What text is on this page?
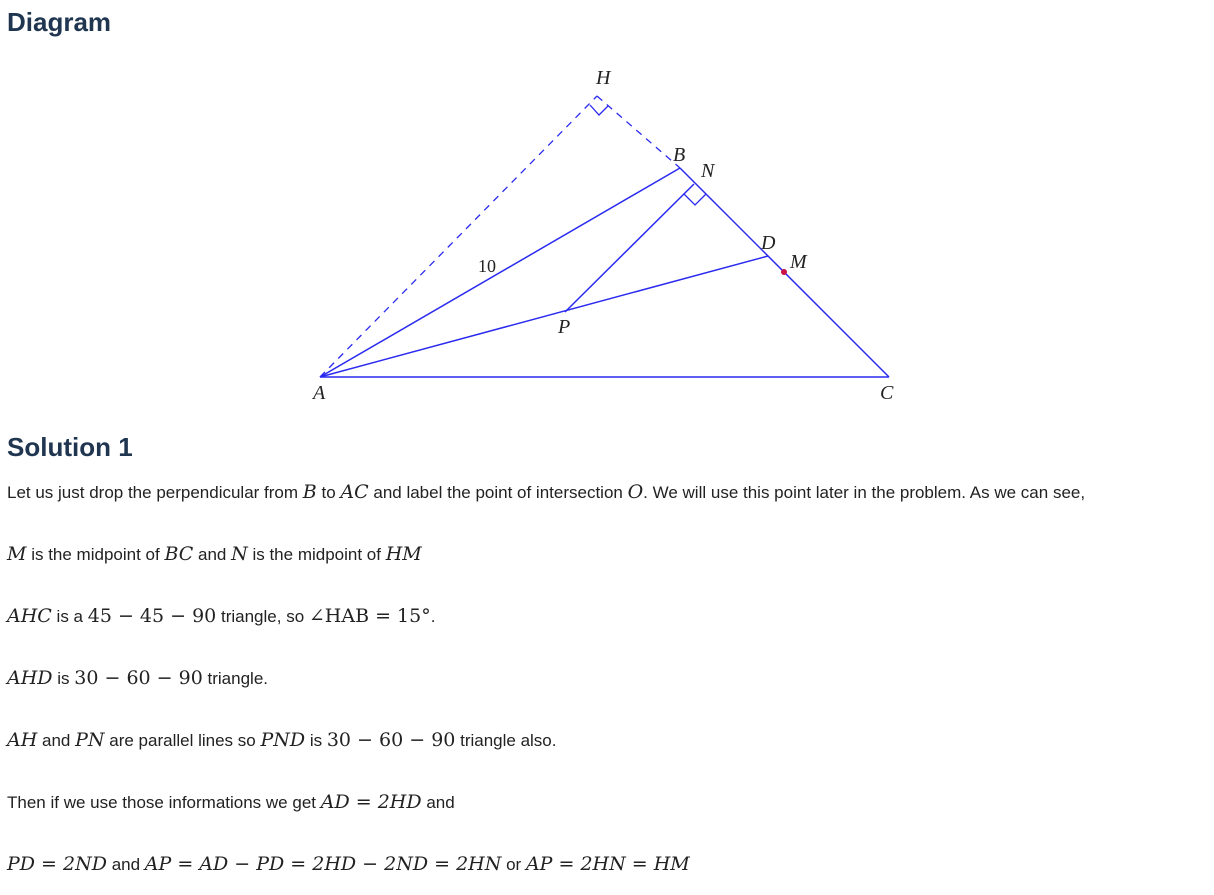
Diagram
H
B
N
D
M
P
A	C
10
Solution 1

Let us just drop the perpendicular from B to AC and label the point of intersection O. We will use this point later in the problem. As we can see,

M is the midpoint of BC and N is the midpoint of HM

AHC is a 45 − 45 − 90 triangle, so ∠HAB = 15°.

AHD is 30 − 60 − 90 triangle.

AH and PN are parallel lines so PND is 30 − 60 − 90 triangle also.

Then if we use those informations we get AD = 2HD and

PD = 2ND and AP = AD − PD = 2HD − 2ND = 2HN or AP = 2HN = HM
